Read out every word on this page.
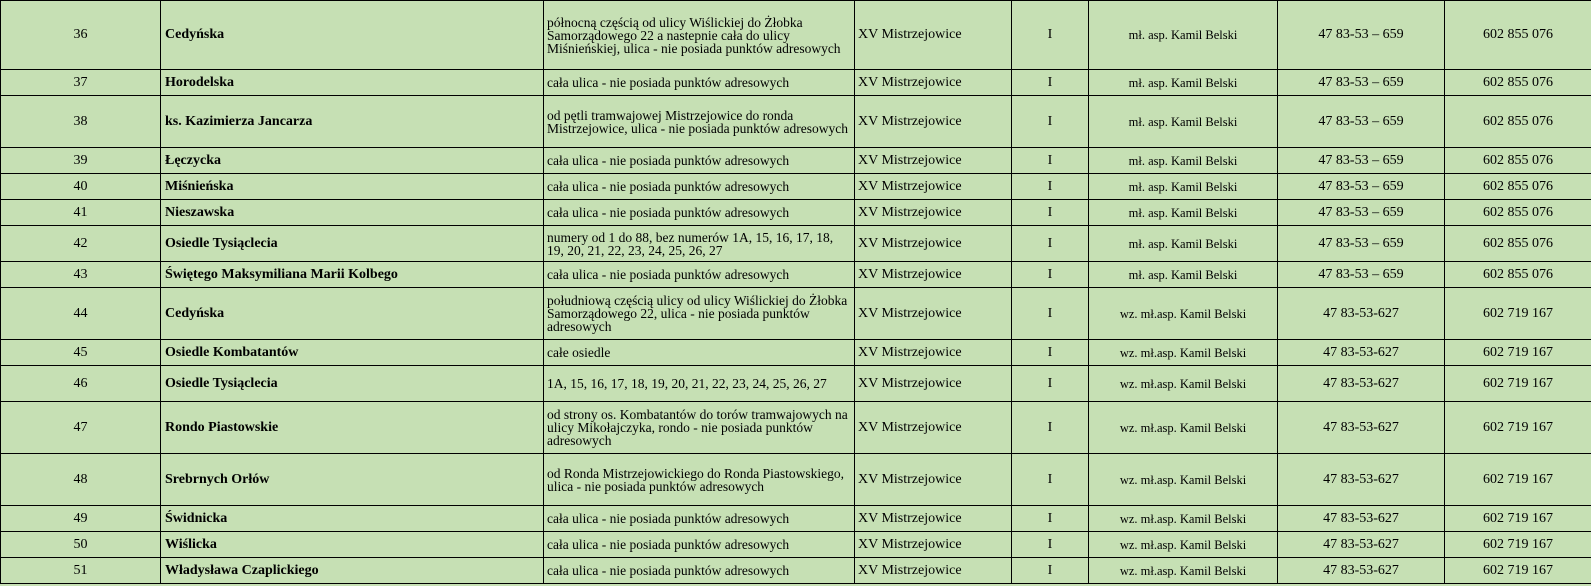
36	Cedyńska	północną częścią od ulicy Wiślickiej do Żłobka Samorządowego 22 a nastepnie cała do ulicy Miśnieńskiej, ulica - nie posiada punktów adresowych	XV Mistrzejowice	I	mł. asp. Kamil Belski	47 83-53 – 659	602 855 076
37	Horodelska	cała ulica - nie posiada punktów adresowych	XV Mistrzejowice	I	mł. asp. Kamil Belski	47 83-53 – 659	602 855 076
38	ks. Kazimierza Jancarza	od pętli tramwajowej Mistrzejowice do ronda Mistrzejowice, ulica - nie posiada punktów adresowych	XV Mistrzejowice	I	mł. asp. Kamil Belski	47 83-53 – 659	602 855 076
39	Łęczycka	cała ulica - nie posiada punktów adresowych	XV Mistrzejowice	I	mł. asp. Kamil Belski	47 83-53 – 659	602 855 076
40	Miśnieńska	cała ulica - nie posiada punktów adresowych	XV Mistrzejowice	I	mł. asp. Kamil Belski	47 83-53 – 659	602 855 076
41	Nieszawska	cała ulica - nie posiada punktów adresowych	XV Mistrzejowice	I	mł. asp. Kamil Belski	47 83-53 – 659	602 855 076
42	Osiedle Tysiąclecia	numery od 1 do 88, bez numerów 1A, 15, 16, 17, 18, 19, 20, 21, 22, 23, 24, 25, 26, 27	XV Mistrzejowice	I	mł. asp. Kamil Belski	47 83-53 – 659	602 855 076
43	Świętego Maksymiliana Marii Kolbego	cała ulica - nie posiada punktów adresowych	XV Mistrzejowice	I	mł. asp. Kamil Belski	47 83-53 – 659	602 855 076
44	Cedyńska	południową częścią ulicy od ulicy Wiślickiej do Żłobka Samorządowego 22, ulica - nie posiada punktów adresowych	XV Mistrzejowice	I	wz. mł.asp. Kamil Belski	47 83-53-627	602 719 167
45	Osiedle Kombatantów	całe osiedle	XV Mistrzejowice	I	wz. mł.asp. Kamil Belski	47 83-53-627	602 719 167
46	Osiedle Tysiąclecia	1A, 15, 16, 17, 18, 19, 20, 21, 22, 23, 24, 25, 26, 27	XV Mistrzejowice	I	wz. mł.asp. Kamil Belski	47 83-53-627	602 719 167
47	Rondo Piastowskie	od strony os. Kombatantów do torów tramwajowych na ulicy Mikołajczyka, rondo - nie posiada punktów adresowych	XV Mistrzejowice	I	wz. mł.asp. Kamil Belski	47 83-53-627	602 719 167
48	Srebrnych Orłów	od Ronda Mistrzejowickiego do Ronda Piastowskiego, ulica - nie posiada punktów adresowych	XV Mistrzejowice	I	wz. mł.asp. Kamil Belski	47 83-53-627	602 719 167
49	Świdnicka	cała ulica - nie posiada punktów adresowych	XV Mistrzejowice	I	wz. mł.asp. Kamil Belski	47 83-53-627	602 719 167
50	Wiślicka	cała ulica - nie posiada punktów adresowych	XV Mistrzejowice	I	wz. mł.asp. Kamil Belski	47 83-53-627	602 719 167
51	Władysława Czaplickiego	cała ulica - nie posiada punktów adresowych	XV Mistrzejowice	I	wz. mł.asp. Kamil Belski	47 83-53-627	602 719 167
